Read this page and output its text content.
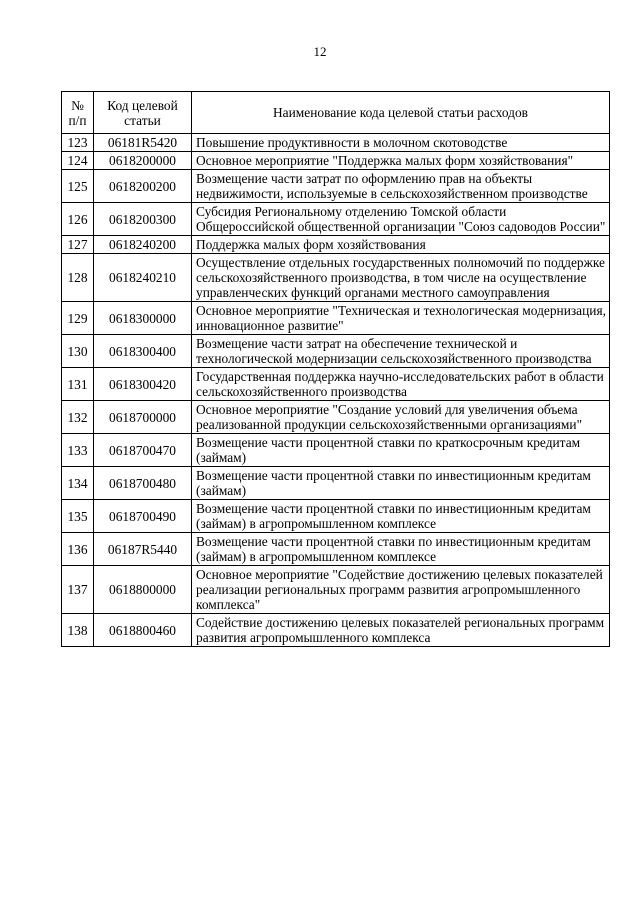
12
№ п/п	Код целевой статьи	Наименование кода целевой статьи расходов
123	06181R5420	Повышение продуктивности в молочном скотоводстве
124	0618200000	Основное мероприятие "Поддержка малых форм хозяйствования"
125	0618200200	Возмещение части затрат по оформлению прав на объекты недвижимости, используемые в сельскохозяйственном производстве
126	0618200300	Субсидия Региональному отделению Томской области Общероссийской общественной организации "Союз садоводов России"
127	0618240200	Поддержка малых форм хозяйствования
128	0618240210	Осуществление отдельных государственных полномочий по поддержке сельскохозяйственного производства, в том числе на осуществление управленческих функций органами местного самоуправления
129	0618300000	Основное мероприятие "Техническая и технологическая модернизация, инновационное развитие"
130	0618300400	Возмещение части затрат на обеспечение технической и технологической модернизации сельскохозяйственного производства
131	0618300420	Государственная поддержка научно-исследовательских работ в области сельскохозяйственного производства
132	0618700000	Основное мероприятие "Создание условий для увеличения объема реализованной продукции сельскохозяйственными организациями"
133	0618700470	Возмещение части процентной ставки по краткосрочным кредитам (займам)
134	0618700480	Возмещение части процентной ставки по инвестиционным кредитам (займам)
135	0618700490	Возмещение части процентной ставки по инвестиционным кредитам (займам) в агропромышленном комплексе
136	06187R5440	Возмещение части процентной ставки по инвестиционным кредитам (займам) в агропромышленном комплексе
137	0618800000	Основное мероприятие "Содействие достижению целевых показателей реализации региональных программ развития агропромышленного комплекса"
138	0618800460	Содействие достижению целевых показателей региональных программ развития агропромышленного комплекса
